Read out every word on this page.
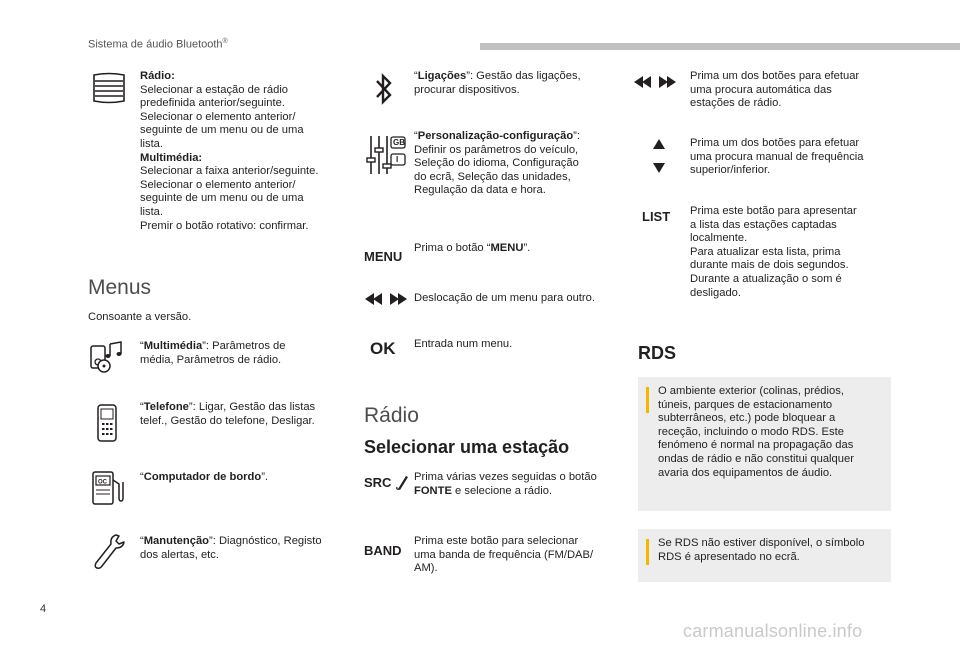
Sistema de áudio Bluetooth®
Rádio:
Selecionar a estação de rádio
predefinida anterior/seguinte.
Selecionar o elemento anterior/
seguinte de um menu ou de uma
lista.
Multimédia:
Selecionar a faixa anterior/seguinte.
Selecionar o elemento anterior/
seguinte de um menu ou de uma
lista.
Premir o botão rotativo: confirmar.
Menus
Consoante a versão.
“Multimédia”: Parâmetros de
média, Parâmetros de rádio.
“Telefone”: Ligar, Gestão das listas
telef., Gestão do telefone, Desligar.
OC	“Computador de bordo”.
“Manutenção”: Diagnóstico, Registo
dos alertas, etc.
“Ligações”: Gestão das ligações,
procurar dispositivos.
GB
I
“Personalização-configuração”:
Definir os parâmetros do veículo,
Seleção do idioma, Configuração
do ecrã, Seleção das unidades,
Regulação da data e hora.
MENU
Prima o botão “MENU”.
Deslocação de um menu para outro.
OK Entrada num menu.
Rádio
Selecionar uma estação
SRC Prima várias vezes seguidas o botão
FONTE e selecione a rádio.
BAND
Prima este botão para selecionar
uma banda de frequência (FM/DAB/
AM).
Prima um dos botões para efetuar
uma procura automática das
estações de rádio.
Prima um dos botões para efetuar
uma procura manual de frequência
superior/inferior.
LIST Prima este botão para apresentar
a lista das estações captadas
localmente.
Para atualizar esta lista, prima
durante mais de dois segundos.
Durante a atualização o som é
desligado.
RDS
O ambiente exterior (colinas, prédios,
túneis, parques de estacionamento
subterrâneos, etc.) pode bloquear a
receção, incluindo o modo RDS. Este
fenómeno é normal na propagação das
ondas de rádio e não constitui qualquer
avaria dos equipamentos de áudio.
Se RDS não estiver disponível, o símbolo
RDS é apresentado no ecrã.
4
carmanualsonline.info
